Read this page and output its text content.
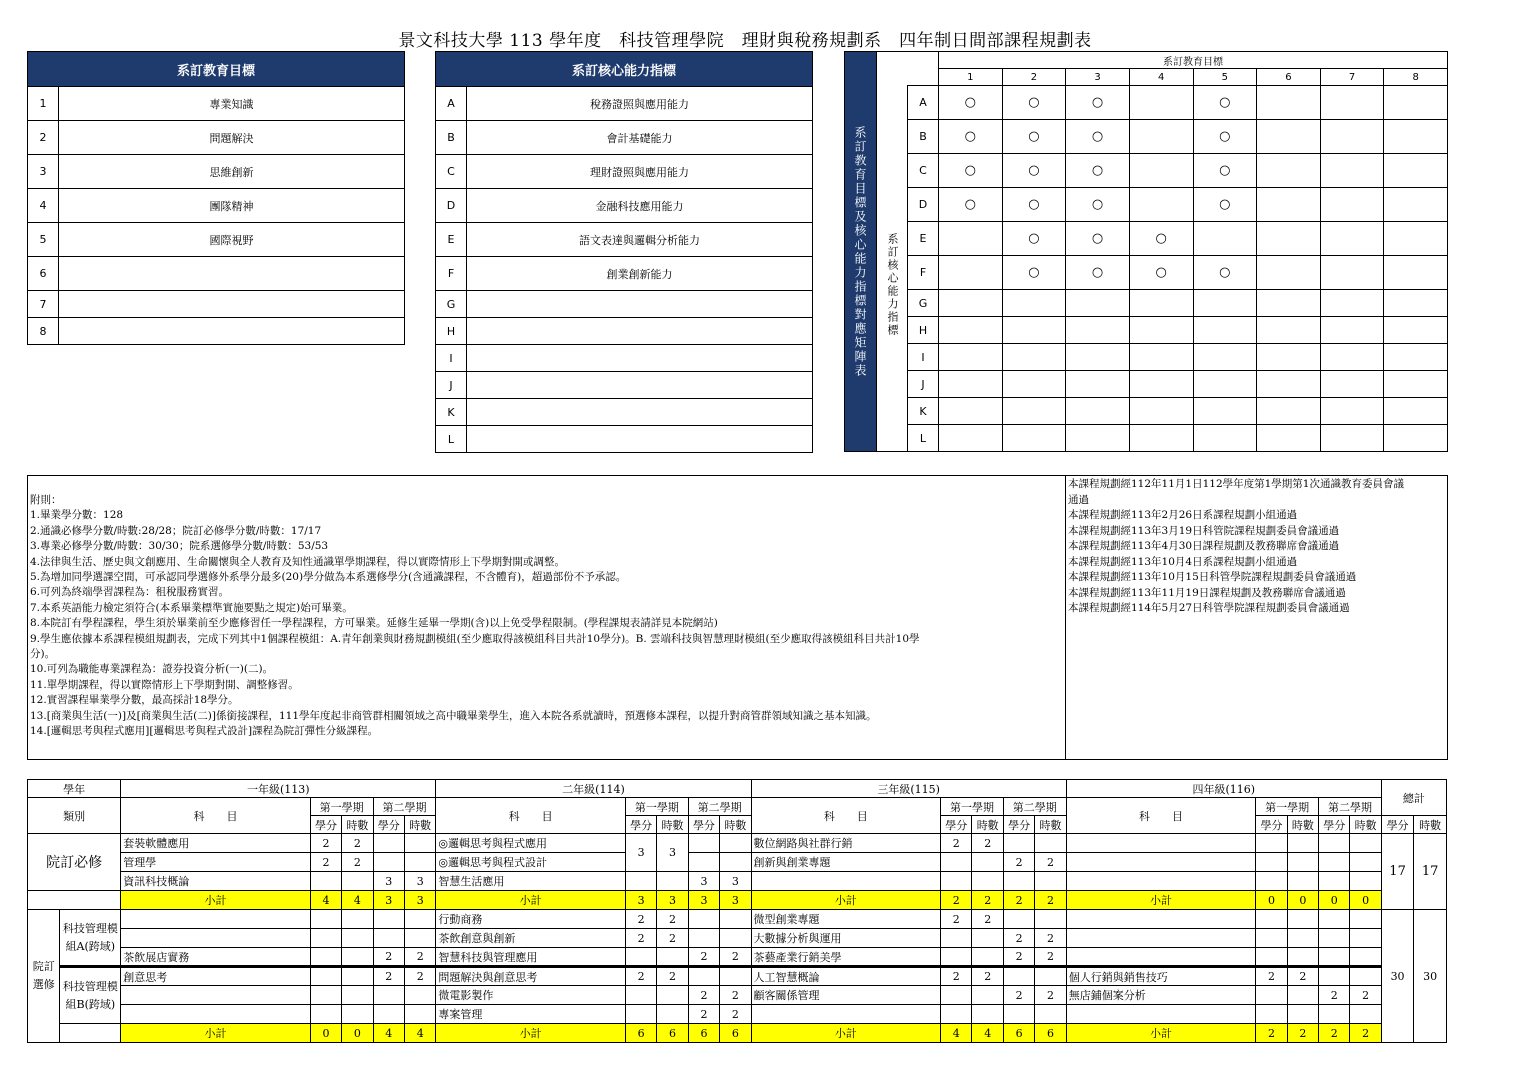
景文科技大學 113 學年度　科技管理學院　理財與稅務規劃系　四年制日間部課程規劃表
系訂教育目標	
1	專業知識
2	問題解決
3	思維創新
4	團隊精神
5	國際視野
6	
7	
8	
系訂核心能力指標	
A	稅務證照與應用能力
B	會計基礎能力
C	理財證照與應用能力
D	金融科技應用能力
E	語文表達與邏輯分析能力
F	創業創新能力
G	
H	
I	
J	
K	
L	
系訂教育目標及核心能力指標對應矩陣表			系訂教育目標							
			1	2	3	4	5	6	7	8
		A	○	○	○		○			
	系訂核心能力指標	B	○	○	○		○			
		C	○	○	○		○			
		D	○	○	○		○			
		E		○	○	○				
		F		○	○	○	○			
		G								
		H								
		I								
		J								
		K								
		L								
附則：
1.畢業學分數：128
2.通識必修學分數/時數:28/28；院訂必修學分數/時數：17/17
3.專業必修學分數/時數：30/30；院系選修學分數/時數：53/53
4.法律與生活、歷史與文創應用、生命關懷與全人教育及知性通識單學期課程，得以實際情形上下學期對開或調整。
5.為增加同學選課空間，可承認同學選修外系學分最多(20)學分做為本系選修學分(含通識課程，不含體育)，超過部份不予承認。
6.可列為終端學習課程為：租稅服務實習。
7.本系英語能力檢定須符合(本系畢業標準實施要點之規定)始可畢業。
8.本院訂有學程課程，學生須於畢業前至少應修習任一學程課程，方可畢業。延修生延畢一學期(含)以上免受學程限制。(學程課規表請詳見本院網站)
9.學生應依據本系課程模組規劃表，完成下列其中1個課程模組：A.青年創業與財務規劃模組(至少應取得該模組科目共計10學分)。B. 雲端科技與智慧理財模組(至少應取得該模組科目共計10學
分)。
10.可列為職能專業課程為：證券投資分析(一)(二)。
11.單學期課程，得以實際情形上下學期對開、調整修習。
12.實習課程畢業學分數，最高採計18學分。
13.[商業與生活(一)]及[商業與生活(二)]係銜接課程，111學年度起非商管群相關領域之高中職畢業學生，進入本院各系就讀時，預選修本課程，以提升對商管群領域知識之基本知識。
14.[邏輯思考與程式應用][邏輯思考與程式設計]課程為院訂彈性分級課程。
本課程規劃經112年11月1日112學年度第1學期第1次通識教育委員會議
通過
本課程規劃經113年2月26日系課程規劃小組通過
本課程規劃經113年3月19日科管院課程規劃委員會議通過
本課程規劃經113年4月30日課程規劃及教務聯席會議通過
本課程規劃經113年10月4日系課程規劃小組通過
本課程規劃經113年10月15日科管學院課程規劃委員會議通過
本課程規劃經113年11月19日課程規劃及教務聯席會議通過
本課程規劃經114年5月27日科管學院課程規劃委員會議通過
學年		一年級(113)					二年級(114)					三年級(115)					四年級(116)					總計	
類別		科　　目	第一學期		第二學期		科　　目	第一學期		第二學期		科　　目	第一學期		第二學期		科　　目	第一學期		第二學期			
			學分	時數	學分	時數		學分	時數	學分	時數		學分	時數	學分	時數		學分	時數	學分	時數	學分	時數
院訂必修		套裝軟體應用	2	2			◎邏輯思考與程式應用	3	3			數位網路與社群行銷	2	2								17	17
		管理學	2	2			◎邏輯思考與程式設計					創新與創業專題			2	2							
		資訊科技概論			3	3	智慧生活應用			3	3												
		小計	4	4	3	3	小計	3	3	3	3	小計	2	2	2	2	小計	0	0	0	0		
院訂選修	科技管理模組A(跨域)						行動商務	2	2			微型創業專題	2	2								30	30
							茶飲創意與創新	2	2			大數據分析與運用			2	2							
		茶飲展店實務			2	2	智慧科技與管理應用			2	2	茶藝產業行銷美學			2	2							
	科技管理模組B(跨域)	創意思考			2	2	問題解決與創意思考	2	2			人工智慧概論	2	2			個人行銷與銷售技巧	2	2				
							微電影製作			2	2	顧客關係管理			2	2	無店鋪個案分析			2	2		
							專案管理			2	2												
		小計	0	0	4	4	小計	6	6	6	6	小計	4	4	6	6	小計	2	2	2	2		
